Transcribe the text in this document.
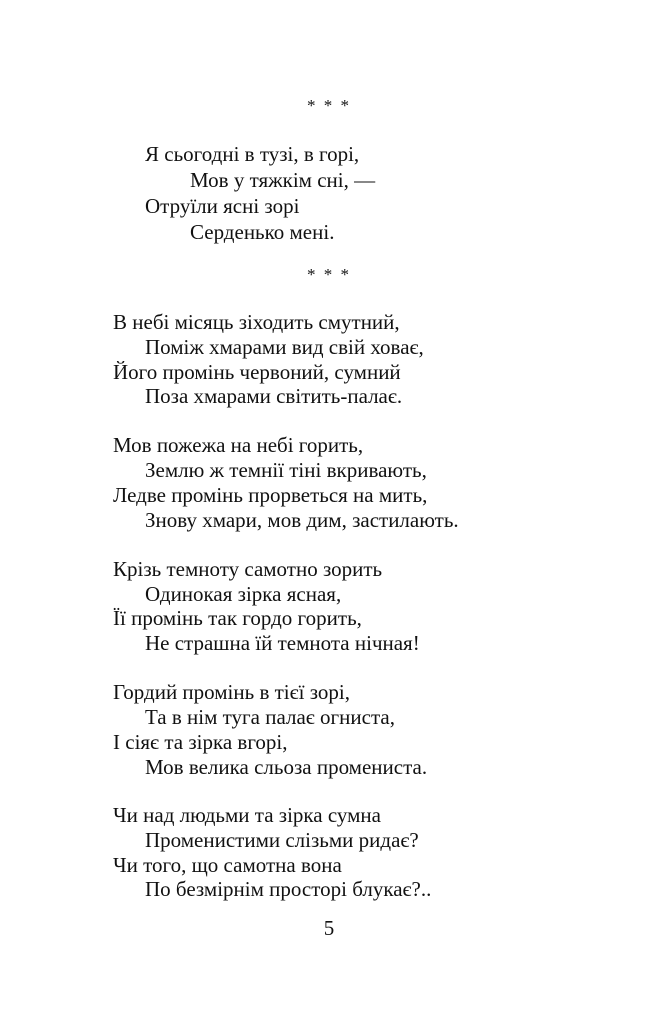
* * *
Я сьогодні в тузі, в горі,
Мов у тяжкім сні, —
Отруїли ясні зорі
Серденько мені.
* * *
В небі місяць зіходить смутний,
Поміж хмарами вид свій ховає,
Його промінь червоний, сумний
Поза хмарами світить-палає.
Мов пожежа на небі горить,
Землю ж темнії тіні вкривають,
Ледве промінь прорветься на мить,
Знову хмари, мов дим, застилають.
Крізь темноту самотно зорить
Одинокая зірка ясная,
Її промінь так гордо горить,
Не страшна їй темнота нічная!
Гордий промінь в тієї зорі,
Та в нім туга палає огниста,
І сіяє та зірка вгорі,
Мов велика сльоза промениста.
Чи над людьми та зірка сумна
Променистими слізьми ридає?
Чи того, що самотна вона
По безмірнім просторі блукає?..
5
